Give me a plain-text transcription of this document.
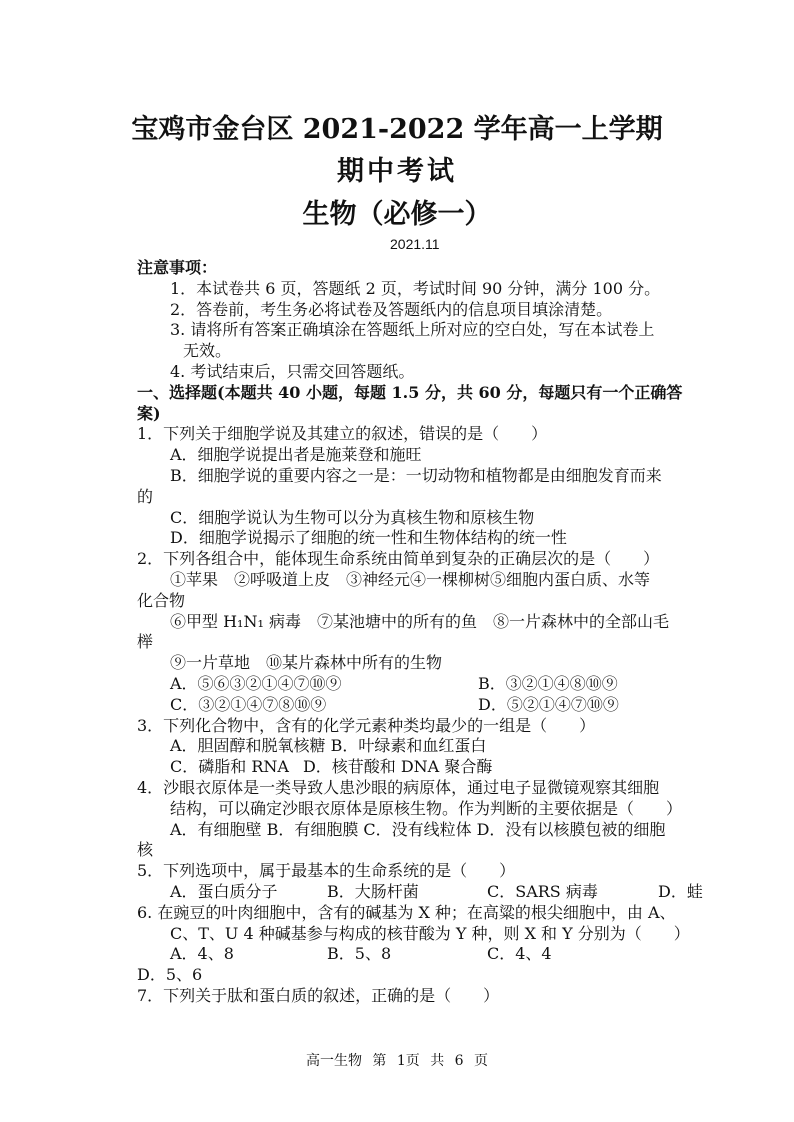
宝鸡市金台区 2021-2022 学年高一上学期
期中考试
生物（必修一）
2021.11
注意事项：
1．本试卷共 6 页，答题纸 2 页，考试时间 90 分钟，满分 100 分。
2．答卷前，考生务必将试卷及答题纸内的信息项目填涂清楚。
3. 请将所有答案正确填涂在答题纸上所对应的空白处，写在本试卷上
无效。
4. 考试结束后，只需交回答题纸。
一、选择题(本题共 40 小题，每题 1.5 分，共 60 分，每题只有一个正确答
案)
1．下列关于细胞学说及其建立的叙述，错误的是（　　）
A．细胞学说提出者是施莱登和施旺
B．细胞学说的重要内容之一是：一切动物和植物都是由细胞发育而来
的
C．细胞学说认为生物可以分为真核生物和原核生物
D．细胞学说揭示了细胞的统一性和生物体结构的统一性
2．下列各组合中，能体现生命系统由简单到复杂的正确层次的是（　　）
①苹果　②呼吸道上皮　③神经元④一棵柳树⑤细胞内蛋白质、水等
化合物
⑥甲型 H₁N₁ 病毒　⑦某池塘中的所有的鱼　⑧一片森林中的全部山毛
榉
⑨一片草地　⑩某片森林中所有的生物
A．⑤⑥③②①④⑦⑩⑨	B．③②①④⑧⑩⑨
C．③②①④⑦⑧⑩⑨	D．⑤②①④⑦⑩⑨
3．下列化合物中，含有的化学元素种类均最少的一组是（　　）
A．胆固醇和脱氧核糖 B．叶绿素和血红蛋白
C．磷脂和 RNA D．核苷酸和 DNA 聚合酶
4．沙眼衣原体是一类导致人患沙眼的病原体，通过电子显微镜观察其细胞
结构，可以确定沙眼衣原体是原核生物。作为判断的主要依据是（　　）
A．有细胞壁 B．有细胞膜 C．没有线粒体 D．没有以核膜包被的细胞
核
5．下列选项中，属于最基本的生命系统的是（　　）
A．蛋白质分子	B．大肠杆菌	C．SARS 病毒	D．蛙
6. 在豌豆的叶肉细胞中，含有的碱基为 X 种；在高粱的根尖细胞中，由 A、
C、T、U 4 种碱基参与构成的核苷酸为 Y 种，则 X 和 Y 分别为（　　）
A．4、8	B．5、8	C．4、4
D．5、6
7．下列关于肽和蛋白质的叙述，正确的是（　　）
高一生物 第 1页 共 6 页
